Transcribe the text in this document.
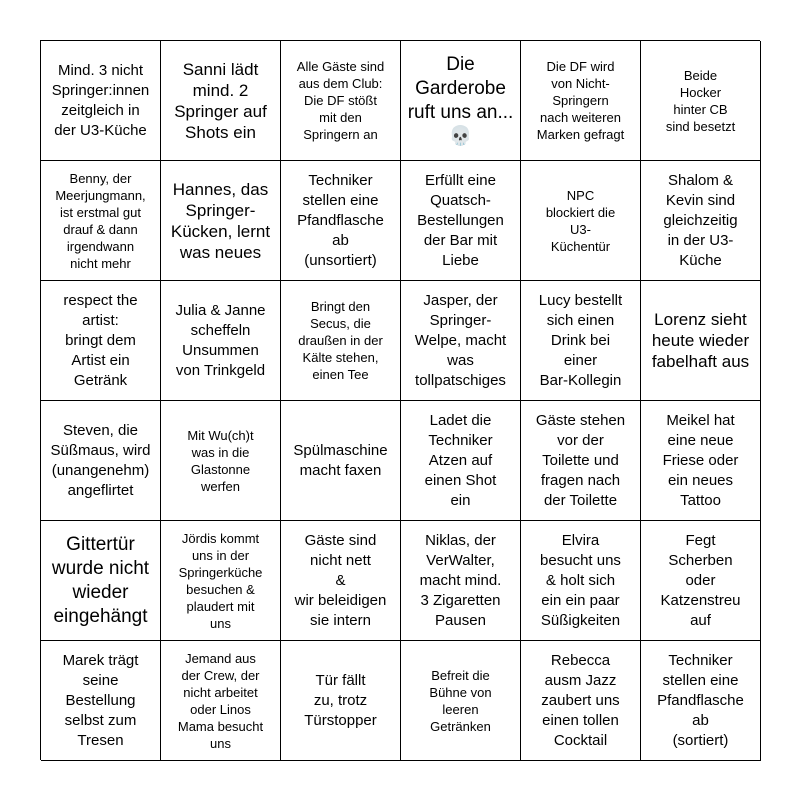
Mind. 3 nicht
Springer:innen
zeitgleich in
der U3-Küche
Sanni lädt
mind. 2
Springer auf
Shots ein
Alle Gäste sind
aus dem Club:
Die DF stößt
mit den
Springern an
Die
Garderobe
ruft uns an...
💀
Die DF wird
von Nicht-
Springern
nach weiteren
Marken gefragt
Beide
Hocker
hinter CB
sind besetzt
Benny, der
Meerjungmann,
ist erstmal gut
drauf & dann
irgendwann
nicht mehr
Hannes, das
Springer-
Kücken, lernt
was neues
Techniker
stellen eine
Pfandflasche
ab
(unsortiert)
Erfüllt eine
Quatsch-
Bestellungen
der Bar mit
Liebe
NPC
blockiert die
U3-
Küchentür
Shalom &
Kevin sind
gleichzeitig
in der U3-
Küche
respect the
artist:
bringt dem
Artist ein
Getränk
Julia & Janne
scheffeln
Unsummen
von Trinkgeld
Bringt den
Secus, die
draußen in der
Kälte stehen,
einen Tee
Jasper, der
Springer-
Welpe, macht
was
tollpatschiges
Lucy bestellt
sich einen
Drink bei
einer
Bar-Kollegin
Lorenz sieht
heute wieder
fabelhaft aus
Steven, die
Süßmaus, wird
(unangenehm)
angeflirtet
Mit Wu(ch)t
was in die
Glastonne
werfen
Spülmaschine
macht faxen
Ladet die
Techniker
Atzen auf
einen Shot
ein
Gäste stehen
vor der
Toilette und
fragen nach
der Toilette
Meikel hat
eine neue
Friese oder
ein neues
Tattoo
Gittertür
wurde nicht
wieder
eingehängt
Jördis kommt
uns in der
Springerküche
besuchen &
plaudert mit
uns
Gäste sind
nicht nett
&
wir beleidigen
sie intern
Niklas, der
VerWalter,
macht mind.
3 Zigaretten
Pausen
Elvira
besucht uns
& holt sich
ein ein paar
Süßigkeiten
Fegt
Scherben
oder
Katzenstreu
auf
Marek trägt
seine
Bestellung
selbst zum
Tresen
Jemand aus
der Crew, der
nicht arbeitet
oder Linos
Mama besucht
uns
Tür fällt
zu, trotz
Türstopper
Befreit die
Bühne von
leeren
Getränken
Rebecca
ausm Jazz
zaubert uns
einen tollen
Cocktail
Techniker
stellen eine
Pfandflasche
ab
(sortiert)
